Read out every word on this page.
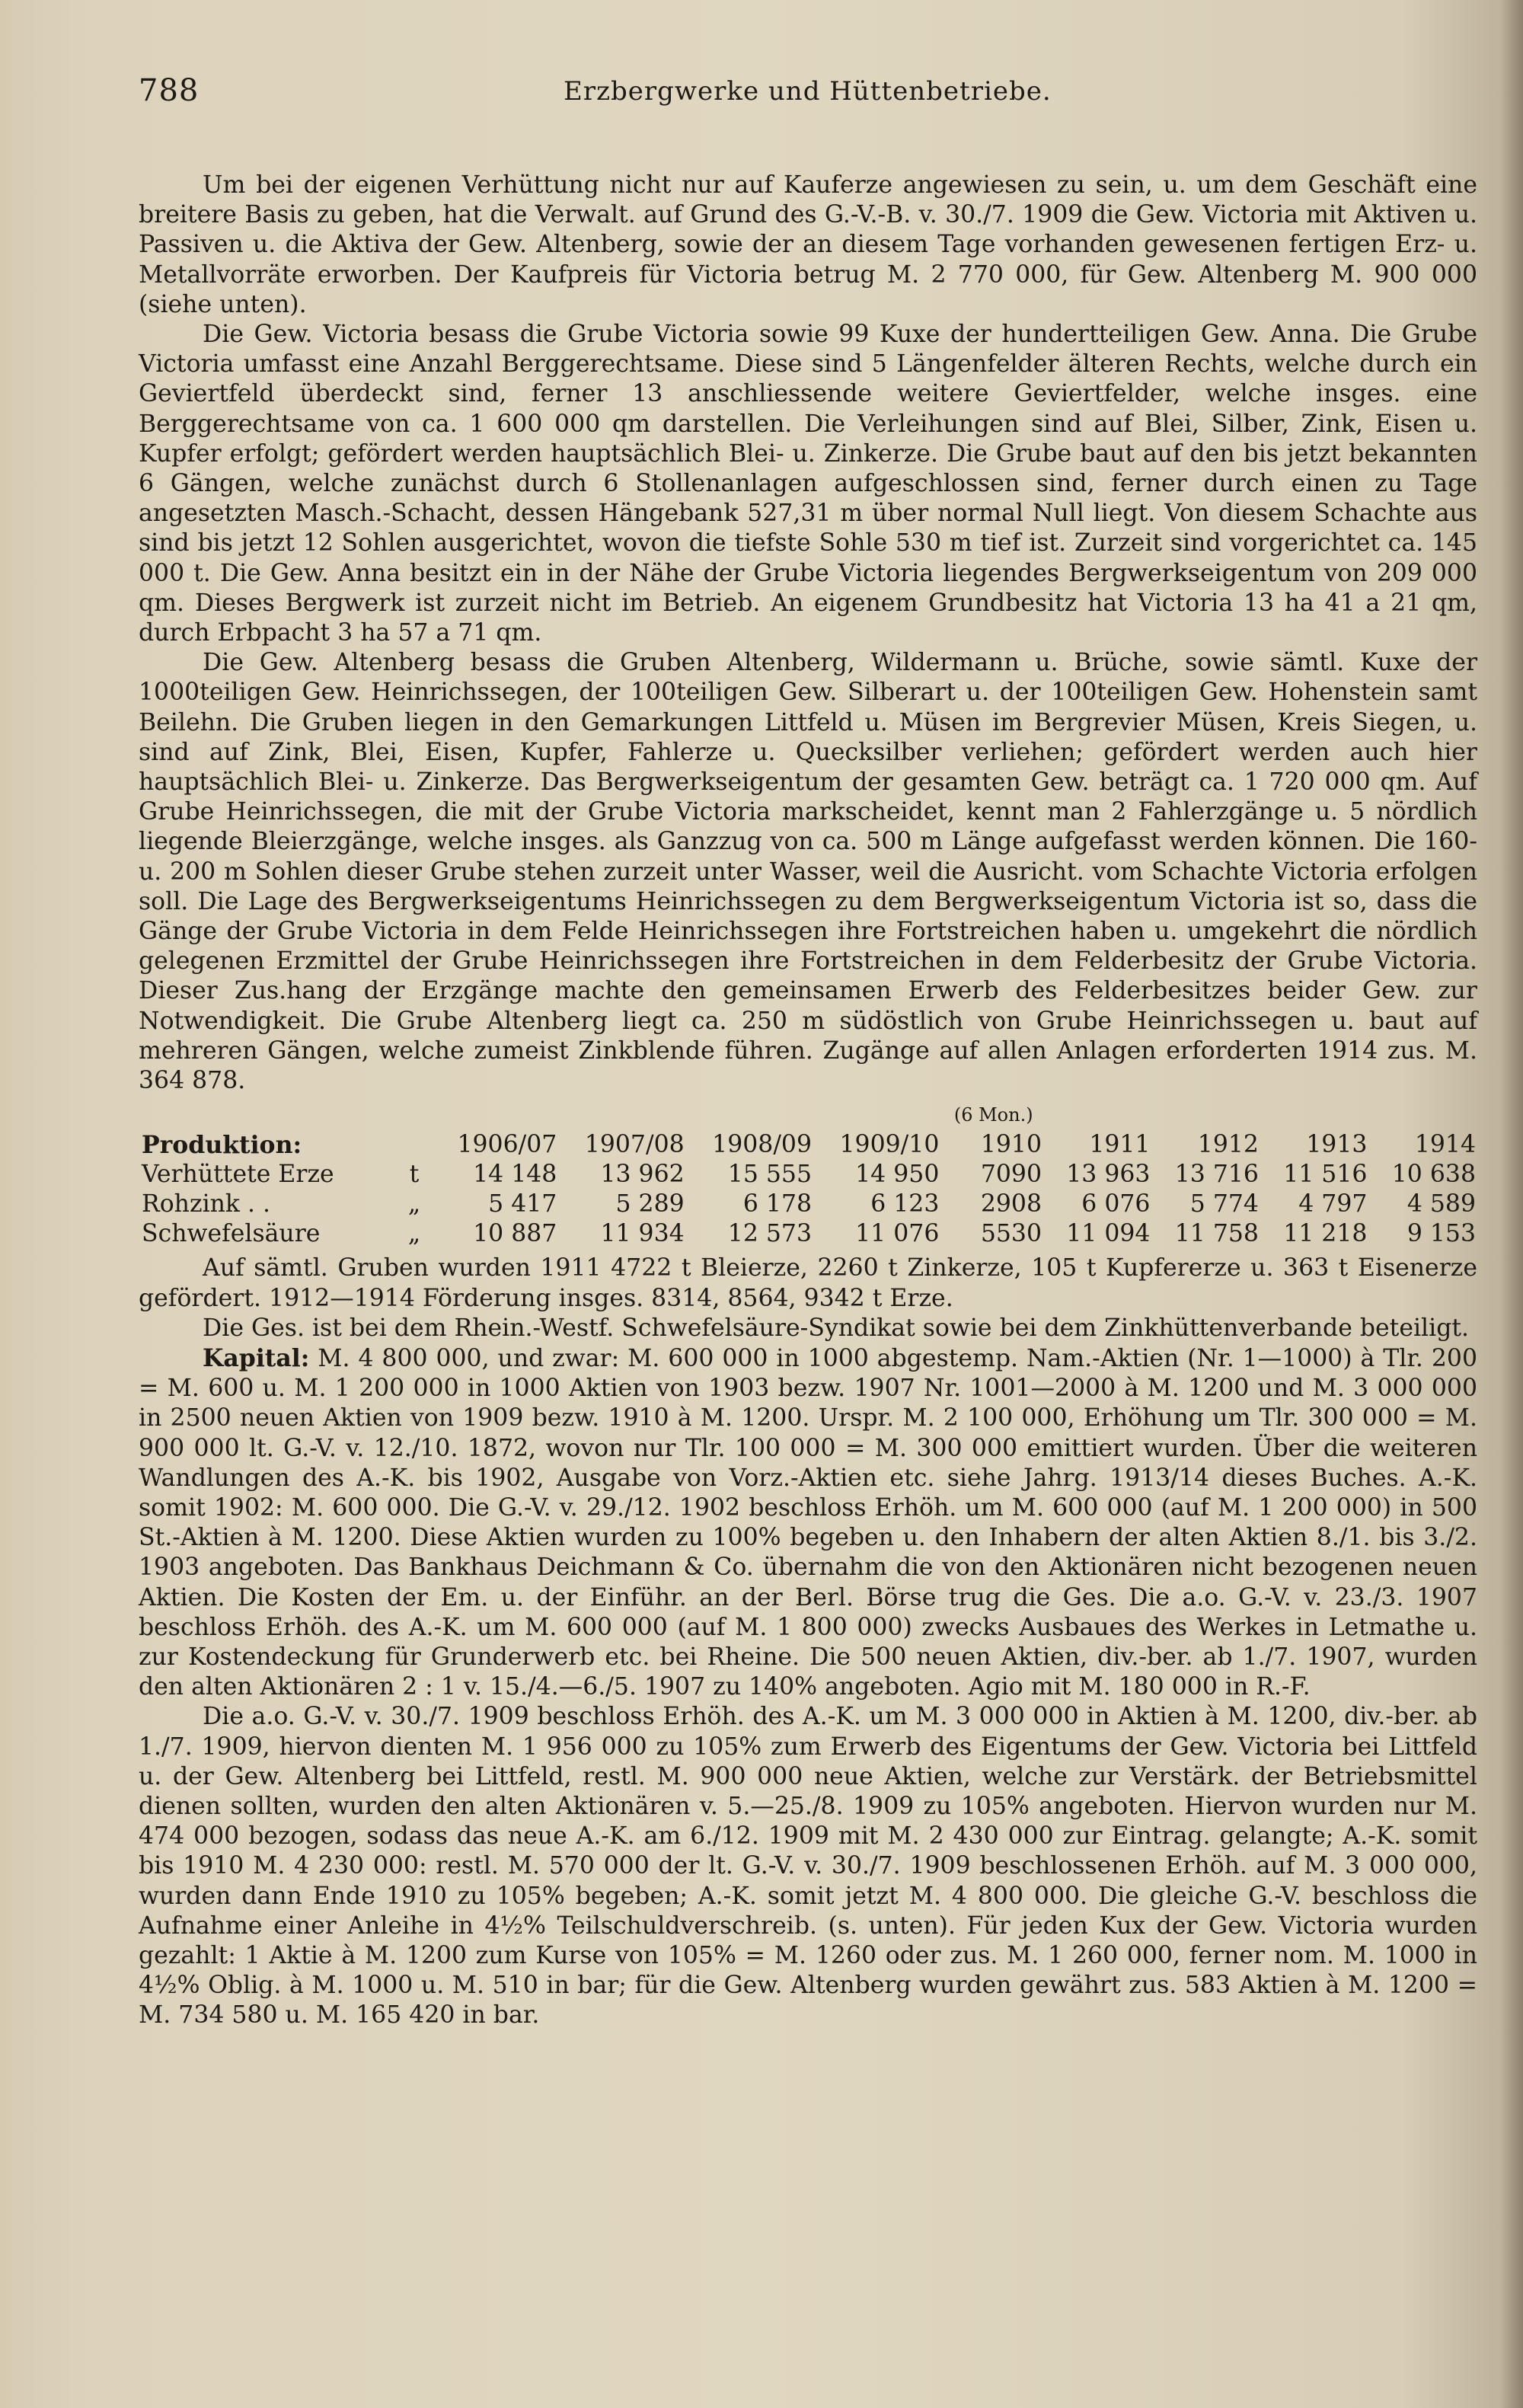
788	Erzbergwerke und Hüttenbetriebe.

Um bei der eigenen Verhüttung nicht nur auf Kauferze angewiesen zu sein, u. um dem Geschäft eine breitere Basis zu geben, hat die Verwalt. auf Grund des G.-V.-B. v. 30./7. 1909 die Gew. Victoria mit Aktiven u. Passiven u. die Aktiva der Gew. Altenberg, sowie der an diesem Tage vorhanden gewesenen fertigen Erz- u. Metallvorräte erworben. Der Kaufpreis für Victoria betrug M. 2 770 000, für Gew. Altenberg M. 900 000 (siehe unten).

Die Gew. Victoria besass die Grube Victoria sowie 99 Kuxe der hundertteiligen Gew. Anna. Die Grube Victoria umfasst eine Anzahl Berggerechtsame. Diese sind 5 Längenfelder älteren Rechts, welche durch ein Geviertfeld überdeckt sind, ferner 13 anschliessende weitere Geviertfelder, welche insges. eine Berggerechtsame von ca. 1 600 000 qm darstellen. Die Verleihungen sind auf Blei, Silber, Zink, Eisen u. Kupfer erfolgt; gefördert werden hauptsächlich Blei- u. Zinkerze. Die Grube baut auf den bis jetzt bekannten 6 Gängen, welche zunächst durch 6 Stollenanlagen aufgeschlossen sind, ferner durch einen zu Tage angesetzten Masch.-Schacht, dessen Hängebank 527,31 m über normal Null liegt. Von diesem Schachte aus sind bis jetzt 12 Sohlen ausgerichtet, wovon die tiefste Sohle 530 m tief ist. Zurzeit sind vorgerichtet ca. 145 000 t. Die Gew. Anna besitzt ein in der Nähe der Grube Victoria liegendes Bergwerkseigentum von 209 000 qm. Dieses Bergwerk ist zurzeit nicht im Betrieb. An eigenem Grundbesitz hat Victoria 13 ha 41 a 21 qm, durch Erbpacht 3 ha 57 a 71 qm.

Die Gew. Altenberg besass die Gruben Altenberg, Wildermann u. Brüche, sowie sämtl. Kuxe der 1000teiligen Gew. Heinrichssegen, der 100teiligen Gew. Silberart u. der 100teiligen Gew. Hohenstein samt Beilehn. Die Gruben liegen in den Gemarkungen Littfeld u. Müsen im Bergrevier Müsen, Kreis Siegen, u. sind auf Zink, Blei, Eisen, Kupfer, Fahlerze u. Quecksilber verliehen; gefördert werden auch hier hauptsächlich Blei- u. Zinkerze. Das Bergwerkseigentum der gesamten Gew. beträgt ca. 1 720 000 qm. Auf Grube Heinrichssegen, die mit der Grube Victoria markscheidet, kennt man 2 Fahlerzgänge u. 5 nördlich liegende Bleierzgänge, welche insges. als Ganzzug von ca. 500 m Länge aufgefasst werden können. Die 160- u. 200 m Sohlen dieser Grube stehen zurzeit unter Wasser, weil die Ausricht. vom Schachte Victoria erfolgen soll. Die Lage des Bergwerkseigentums Heinrichssegen zu dem Bergwerkseigentum Victoria ist so, dass die Gänge der Grube Victoria in dem Felde Heinrichssegen ihre Fortstreichen haben u. umgekehrt die nördlich gelegenen Erzmittel der Grube Heinrichssegen ihre Fortstreichen in dem Felderbesitz der Grube Victoria. Dieser Zus.hang der Erzgänge machte den gemeinsamen Erwerb des Felderbesitzes beider Gew. zur Notwendigkeit. Die Grube Altenberg liegt ca. 250 m südöstlich von Grube Heinrichssegen u. baut auf mehreren Gängen, welche zumeist Zinkblende führen. Zugänge auf allen Anlagen erforderten 1914 zus. M. 364 878.

						(6 Mon.)				
Produktion:		1906/07	1907/08	1908/09	1909/10	1910	1911	1912	1913	1914
Verhüttete Erze	t	14 148	13 962	15 555	14 950	7090	13 963	13 716	11 516	10 638
Rohzink . .	„	5 417	5 289	6 178	6 123	2908	6 076	5 774	4 797	4 589
Schwefelsäure	„	10 887	11 934	12 573	11 076	5530	11 094	11 758	11 218	9 153

Auf sämtl. Gruben wurden 1911 4722 t Bleierze, 2260 t Zinkerze, 105 t Kupfererze u. 363 t Eisenerze gefördert. 1912—1914 Förderung insges. 8314, 8564, 9342 t Erze.

Die Ges. ist bei dem Rhein.-Westf. Schwefelsäure-Syndikat sowie bei dem Zinkhüttenverbande beteiligt.

Kapital: M. 4 800 000, und zwar: M. 600 000 in 1000 abgestemp. Nam.-Aktien (Nr. 1—1000) à Tlr. 200 = M. 600 u. M. 1 200 000 in 1000 Aktien von 1903 bezw. 1907 Nr. 1001—2000 à M. 1200 und M. 3 000 000 in 2500 neuen Aktien von 1909 bezw. 1910 à M. 1200. Urspr. M. 2 100 000, Erhöhung um Tlr. 300 000 = M. 900 000 lt. G.-V. v. 12./10. 1872, wovon nur Tlr. 100 000 = M. 300 000 emittiert wurden. Über die weiteren Wandlungen des A.-K. bis 1902, Ausgabe von Vorz.-Aktien etc. siehe Jahrg. 1913/14 dieses Buches. A.-K. somit 1902: M. 600 000. Die G.-V. v. 29./12. 1902 beschloss Erhöh. um M. 600 000 (auf M. 1 200 000) in 500 St.-Aktien à M. 1200. Diese Aktien wurden zu 100% begeben u. den Inhabern der alten Aktien 8./1. bis 3./2. 1903 angeboten. Das Bankhaus Deichmann & Co. übernahm die von den Aktionären nicht bezogenen neuen Aktien. Die Kosten der Em. u. der Einführ. an der Berl. Börse trug die Ges. Die a.o. G.-V. v. 23./3. 1907 beschloss Erhöh. des A.-K. um M. 600 000 (auf M. 1 800 000) zwecks Ausbaues des Werkes in Letmathe u. zur Kostendeckung für Grunderwerb etc. bei Rheine. Die 500 neuen Aktien, div.-ber. ab 1./7. 1907, wurden den alten Aktionären 2 : 1 v. 15./4.—6./5. 1907 zu 140% angeboten. Agio mit M. 180 000 in R.-F.

Die a.o. G.-V. v. 30./7. 1909 beschloss Erhöh. des A.-K. um M. 3 000 000 in Aktien à M. 1200, div.-ber. ab 1./7. 1909, hiervon dienten M. 1 956 000 zu 105% zum Erwerb des Eigentums der Gew. Victoria bei Littfeld u. der Gew. Altenberg bei Littfeld, restl. M. 900 000 neue Aktien, welche zur Verstärk. der Betriebsmittel dienen sollten, wurden den alten Aktionären v. 5.—25./8. 1909 zu 105% angeboten. Hiervon wurden nur M. 474 000 bezogen, sodass das neue A.-K. am 6./12. 1909 mit M. 2 430 000 zur Eintrag. gelangte; A.-K. somit bis 1910 M. 4 230 000: restl. M. 570 000 der lt. G.-V. v. 30./7. 1909 beschlossenen Erhöh. auf M. 3 000 000, wurden dann Ende 1910 zu 105% begeben; A.-K. somit jetzt M. 4 800 000. Die gleiche G.-V. beschloss die Aufnahme einer Anleihe in 4½% Teilschuldverschreib. (s. unten). Für jeden Kux der Gew. Victoria wurden gezahlt: 1 Aktie à M. 1200 zum Kurse von 105% = M. 1260 oder zus. M. 1 260 000, ferner nom. M. 1000 in 4½% Oblig. à M. 1000 u. M. 510 in bar; für die Gew. Altenberg wurden gewährt zus. 583 Aktien à M. 1200 = M. 734 580 u. M. 165 420 in bar.
